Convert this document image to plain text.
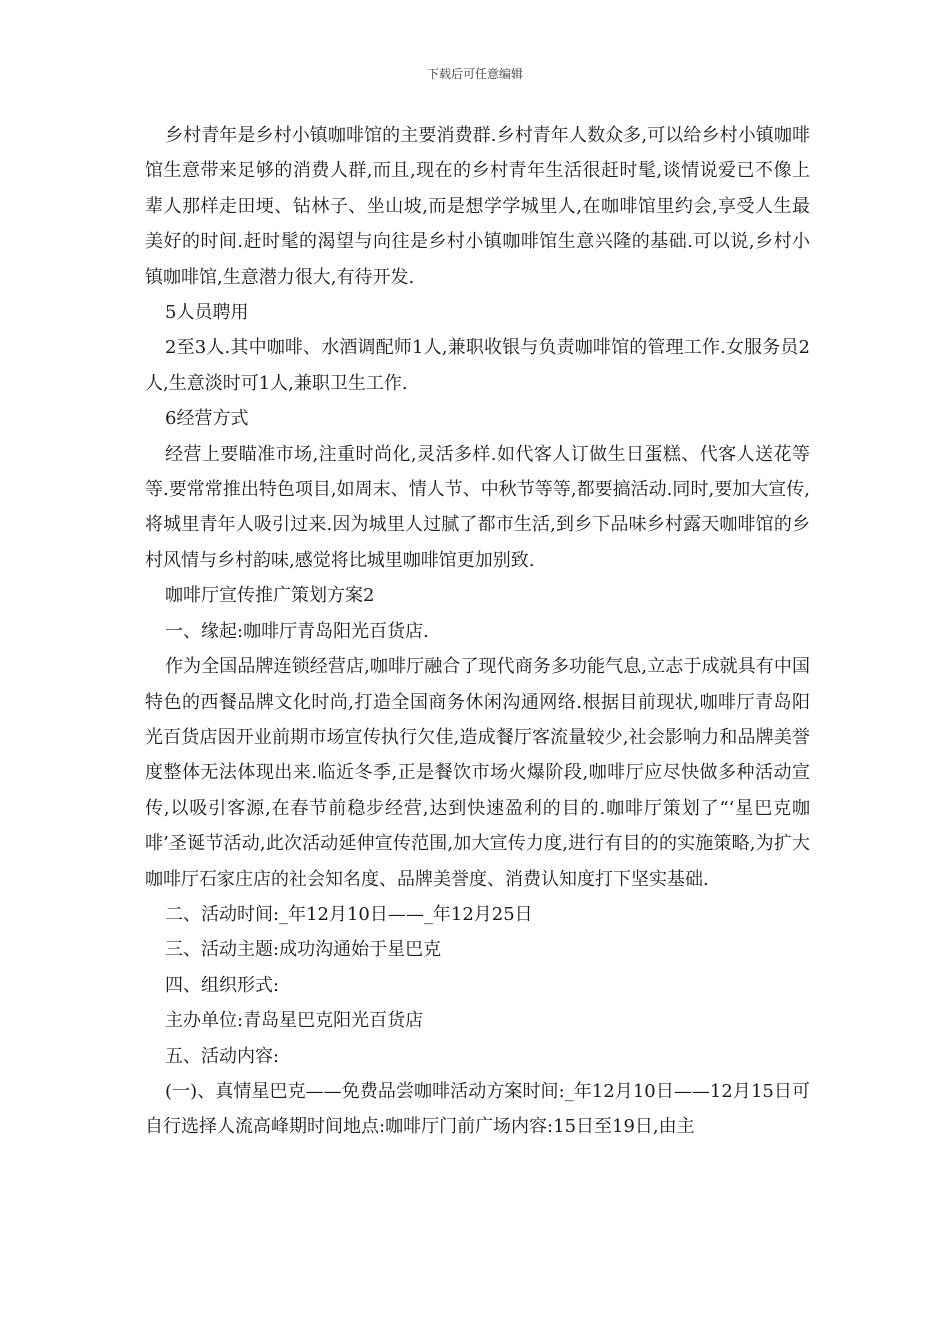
下载后可任意编辑

乡村青年是乡村小镇咖啡馆的主要消费群.乡村青年人数众多,可以给乡村小镇咖啡馆生意带来足够的消费人群,而且,现在的乡村青年生活很赶时髦,谈情说爱已不像上辈人那样走田埂、钻林子、坐山坡,而是想学学城里人,在咖啡馆里约会,享受人生最美好的时间.赶时髦的渴望与向往是乡村小镇咖啡馆生意兴隆的基础.可以说,乡村小镇咖啡馆,生意潜力很大,有待开发.

5人员聘用

2至3人.其中咖啡、水酒调配师1人,兼职收银与负责咖啡馆的管理工作.女服务员2人,生意淡时可1人,兼职卫生工作.

6经营方式

经营上要瞄准市场,注重时尚化,灵活多样.如代客人订做生日蛋糕、代客人送花等等.要常常推出特色项目,如周末、情人节、中秋节等等,都要搞活动.同时,要加大宣传,将城里青年人吸引过来.因为城里人过腻了都市生活,到乡下品味乡村露天咖啡馆的乡村风情与乡村韵味,感觉将比城里咖啡馆更加别致.

咖啡厅宣传推广策划方案2

一、缘起:咖啡厅青岛阳光百货店.

作为全国品牌连锁经营店,咖啡厅融合了现代商务多功能气息,立志于成就具有中国特色的西餐品牌文化时尚,打造全国商务休闲沟通网络.根据目前现状,咖啡厅青岛阳光百货店因开业前期市场宣传执行欠佳,造成餐厅客流量较少,社会影响力和品牌美誉度整体无法体现出来.临近冬季,正是餐饮市场火爆阶段,咖啡厅应尽快做多种活动宣传,以吸引客源,在春节前稳步经营,达到快速盈利的目的.咖啡厅策划了“‘星巴克咖啡’圣诞节活动,此次活动延伸宣传范围,加大宣传力度,进行有目的的实施策略,为扩大咖啡厅石家庄店的社会知名度、品牌美誉度、消费认知度打下坚实基础.

二、活动时间:_年12月10日——_年12月25日

三、活动主题:成功沟通始于星巴克

四、组织形式:

主办单位:青岛星巴克阳光百货店

五、活动内容:

(一)、真情星巴克——免费品尝咖啡活动方案时间:_年12月10日——12月15日可自行选择人流高峰期时间地点:咖啡厅门前广场内容:15日至19日,由主
